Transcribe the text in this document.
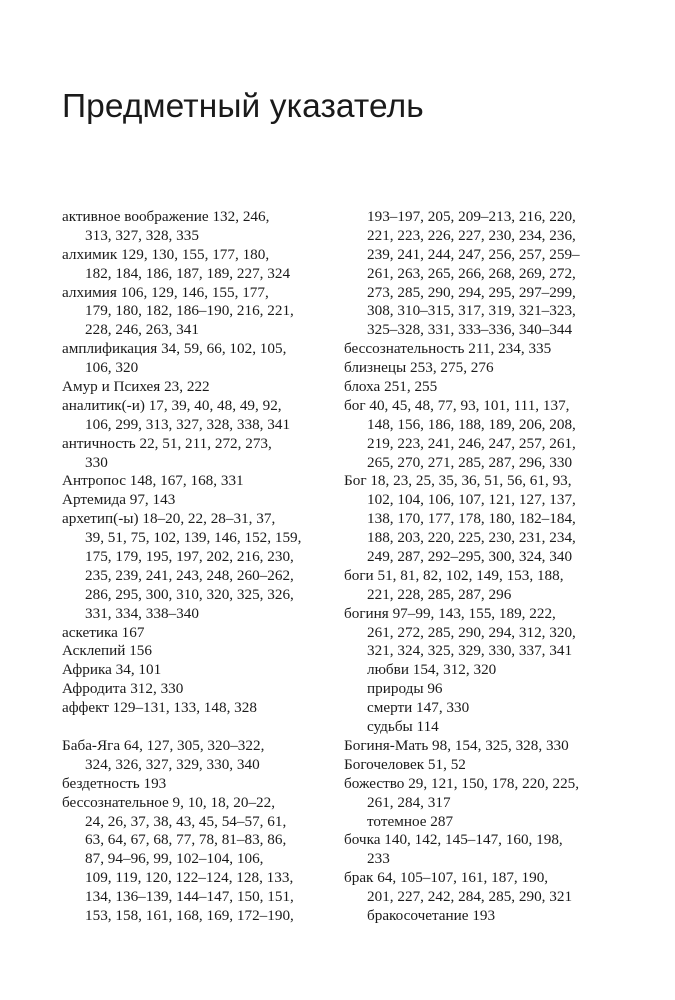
Предметный указатель
активное воображение 132, 246,
313, 327, 328, 335
алхимик 129, 130, 155, 177, 180,
182, 184, 186, 187, 189, 227, 324
алхимия 106, 129, 146, 155, 177,
179, 180, 182, 186–190, 216, 221,
228, 246, 263, 341
амплификация 34, 59, 66, 102, 105,
106, 320
Амур и Психея 23, 222
аналитик(-и) 17, 39, 40, 48, 49, 92,
106, 299, 313, 327, 328, 338, 341
античность 22, 51, 211, 272, 273,
330
Антропос 148, 167, 168, 331
Артемида 97, 143
архетип(-ы) 18–20, 22, 28–31, 37,
39, 51, 75, 102, 139, 146, 152, 159,
175, 179, 195, 197, 202, 216, 230,
235, 239, 241, 243, 248, 260–262,
286, 295, 300, 310, 320, 325, 326,
331, 334, 338–340
аскетика 167
Асклепий 156
Африка 34, 101
Афродита 312, 330
аффект 129–131, 133, 148, 328
Баба-Яга 64, 127, 305, 320–322,
324, 326, 327, 329, 330, 340
бездетность 193
бессознательное 9, 10, 18, 20–22,
24, 26, 37, 38, 43, 45, 54–57, 61,
63, 64, 67, 68, 77, 78, 81–83, 86,
87, 94–96, 99, 102–104, 106,
109, 119, 120, 122–124, 128, 133,
134, 136–139, 144–147, 150, 151,
153, 158, 161, 168, 169, 172–190,
193–197, 205, 209–213, 216, 220,
221, 223, 226, 227, 230, 234, 236,
239, 241, 244, 247, 256, 257, 259–
261, 263, 265, 266, 268, 269, 272,
273, 285, 290, 294, 295, 297–299,
308, 310–315, 317, 319, 321–323,
325–328, 331, 333–336, 340–344
бессознательность 211, 234, 335
близнецы 253, 275, 276
блоха 251, 255
бог 40, 45, 48, 77, 93, 101, 111, 137,
148, 156, 186, 188, 189, 206, 208,
219, 223, 241, 246, 247, 257, 261,
265, 270, 271, 285, 287, 296, 330
Бог 18, 23, 25, 35, 36, 51, 56, 61, 93,
102, 104, 106, 107, 121, 127, 137,
138, 170, 177, 178, 180, 182–184,
188, 203, 220, 225, 230, 231, 234,
249, 287, 292–295, 300, 324, 340
боги 51, 81, 82, 102, 149, 153, 188,
221, 228, 285, 287, 296
богиня 97–99, 143, 155, 189, 222,
261, 272, 285, 290, 294, 312, 320,
321, 324, 325, 329, 330, 337, 341
любви 154, 312, 320
природы 96
смерти 147, 330
судьбы 114
Богиня-Мать 98, 154, 325, 328, 330
Богочеловек 51, 52
божество 29, 121, 150, 178, 220, 225,
261, 284, 317
тотемное 287
бочка 140, 142, 145–147, 160, 198,
233
брак 64, 105–107, 161, 187, 190,
201, 227, 242, 284, 285, 290, 321
бракосочетание 193
